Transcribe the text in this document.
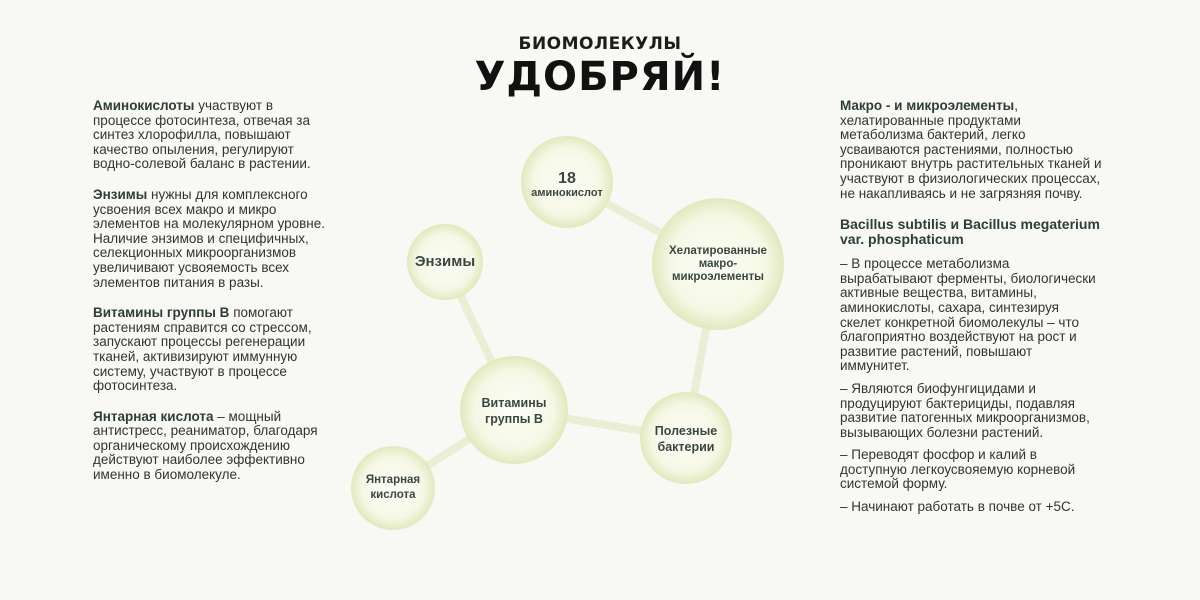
БИОМОЛЕКУЛЫ
УДОБРЯЙ!

Аминокислоты участвуют в процессе фотосинтеза, отвечая за синтез хлорофилла, повышают качество опыления, регулируют водно-солевой баланс в растении.

Энзимы нужны для комплексного усвоения всех макро и микро элементов на молекулярном уровне. Наличие энзимов и специфичных, селекционных микроорганизмов увеличивают усвояемость всех элементов питания в разы.

Витамины группы В помогают растениям справится со стрессом, запускают процессы регенерации тканей, активизируют иммунную систему, участвуют в процессе фотосинтеза.

Янтарная кислота – мощный антистресс, реаниматор, благодаря органическому происхождению действуют наиболее эффективно именно в биомолекуле.

Макро - и микроэлементы, хелатированные продуктами метаболизма бактерий, легко усваиваются растениями, полностью проникают внутрь растительных тканей и участвуют в физиологических процессах, не накапливаясь и не загрязняя почву.

Bacillus subtilis и Bacillus megaterium var. phosphaticum

– В процессе метаболизма вырабатывают ферменты, биологически активные вещества, витамины, аминокислоты, сахара, синтезируя скелет конкретной биомолекулы – что благоприятно воздействуют на рост и развитие растений, повышают иммунитет.

– Являются биофунгицидами и продуцируют бактерициды, подавляя развитие патогенных микроорганизмов, вызывающих болезни растений.

– Переводят фосфор и калий в доступную легкоусвояемую корневой системой форму.

– Начинают работать в почве от +5С.

18
аминокислот
Энзимы
Хелатированные
макро-
микроэлементы
Витамины
группы В
Полезные
бактерии
Янтарная
кислота
